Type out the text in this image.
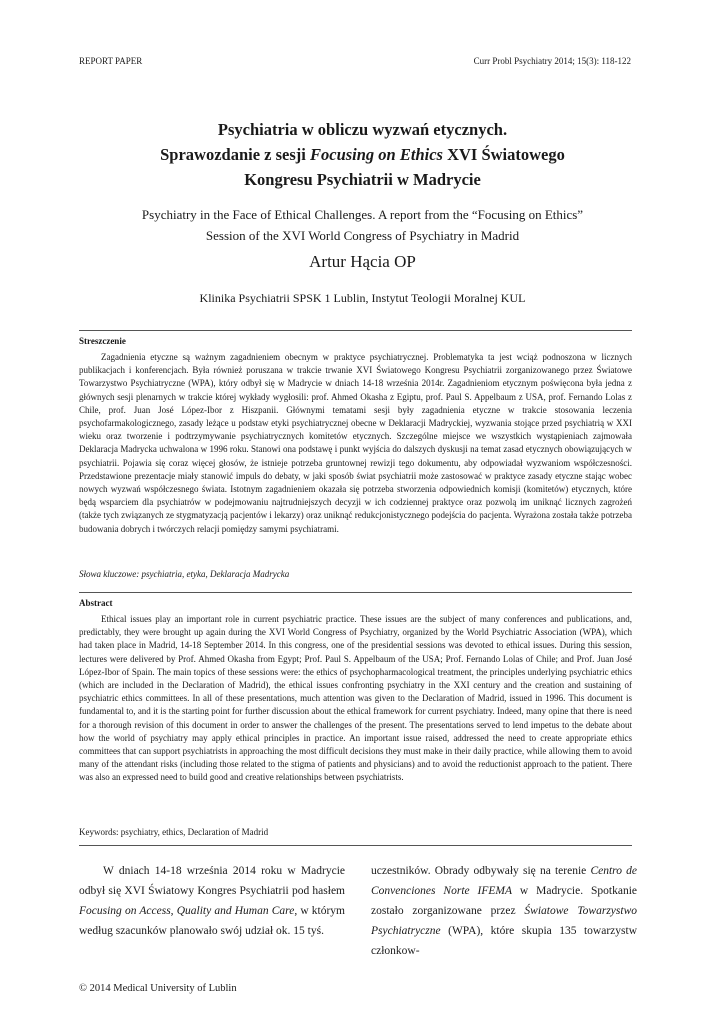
REPORT PAPER	Curr Probl Psychiatry 2014; 15(3): 118-122
Psychiatria w obliczu wyzwań etycznych.
Sprawozdanie z sesji Focusing on Ethics XVI Światowego
Kongresu Psychiatrii w Madrycie
Psychiatry in the Face of Ethical Challenges. A report from the “Focusing on Ethics”
Session of the XVI World Congress of Psychiatry in Madrid
Artur Hącia OP
Klinika Psychiatrii SPSK 1 Lublin, Instytut Teologii Moralnej KUL
Streszczenie
Zagadnienia etyczne są ważnym zagadnieniem obecnym w praktyce psychiatrycznej. Problematyka ta jest wciąż podnoszona w licznych publikacjach i konferencjach. Była również poruszana w trakcie trwanie XVI Światowego Kongresu Psychiatrii zorganizowanego przez Światowe Towarzystwo Psychiatryczne (WPA), który odbył się w Madrycie w dniach 14-18 września 2014r. Zagadnieniom etycznym poświęcona była jedna z głównych sesji plenarnych w trakcie której wykłady wygłosili: prof. Ahmed Okasha z Egiptu, prof. Paul S. Appelbaum z USA, prof. Fernando Lolas z Chile, prof. Juan José López-Ibor z Hiszpanii. Głównymi tematami sesji były zagadnienia etyczne w trakcie stosowania leczenia psychofarmakologicznego, zasady leżące u podstaw etyki psychiatrycznej obecne w Deklaracji Madryckiej, wyzwania stojące przed psychiatrią w XXI wieku oraz tworzenie i podtrzymywanie psychiatrycznych komitetów etycznych. Szczególne miejsce we wszystkich wystąpieniach zajmowała Deklaracja Madrycka uchwalona w 1996 roku. Stanowi ona podstawę i punkt wyjścia do dalszych dyskusji na temat zasad etycznych obowiązujących w psychiatrii. Pojawia się coraz więcej głosów, że istnieje potrzeba gruntownej rewizji tego dokumentu, aby odpowiadał wyzwaniom współczesności. Przedstawione prezentacje miały stanowić impuls do debaty, w jaki sposób świat psychiatrii może zastosować w praktyce zasady etyczne stając wobec nowych wyzwań współczesnego świata. Istotnym zagadnieniem okazała się potrzeba stworzenia odpowiednich komisji (komitetów) etycznych, które będą wsparciem dla psychiatrów w podejmowaniu najtrudniejszych decyzji w ich codziennej praktyce oraz pozwolą im uniknąć licznych zagrożeń (także tych związanych ze stygmatyzacją pacjentów i lekarzy) oraz uniknąć redukcjonistycznego podejścia do pacjenta. Wyrażona została także potrzeba budowania dobrych i twórczych relacji pomiędzy samymi psychiatrami.
Słowa kluczowe: psychiatria, etyka, Deklaracja Madrycka
Abstract
Ethical issues play an important role in current psychiatric practice. These issues are the subject of many conferences and publications, and, predictably, they were brought up again during the XVI World Congress of Psychiatry, organized by the World Psychiatric Association (WPA), which had taken place in Madrid, 14-18 September 2014. In this congress, one of the presidential sessions was devoted to ethical issues. During this session, lectures were delivered by Prof. Ahmed Okasha from Egypt; Prof. Paul S. Appelbaum of the USA; Prof. Fernando Lolas of Chile; and Prof. Juan José López-Ibor of Spain. The main topics of these sessions were: the ethics of psychopharmacological treatment, the principles underlying psychiatric ethics (which are included in the Declaration of Madrid), the ethical issues confronting psychiatry in the XXI century and the creation and sustaining of psychiatric ethics committees. In all of these presentations, much attention was given to the Declaration of Madrid, issued in 1996. This document is fundamental to, and it is the starting point for further discussion about the ethical framework for current psychiatry. Indeed, many opine that there is need for a thorough revision of this document in order to answer the challenges of the present. The presentations served to lend impetus to the debate about how the world of psychiatry may apply ethical principles in practice. An important issue raised, addressed the need to create appropriate ethics committees that can support psychiatrists in approaching the most difficult decisions they must make in their daily practice, while allowing them to avoid many of the attendant risks (including those related to the stigma of patients and physicians) and to avoid the reductionist approach to the patient. There was also an expressed need to build good and creative relationships between psychiatrists.
Keywords: psychiatry, ethics, Declaration of Madrid
W dniach 14-18 września 2014 roku w Madrycie odbył się XVI Światowy Kongres Psychiatrii pod hasłem Focusing on Access, Quality and Human Care, w którym według szacunków planowało swój udział ok. 15 tyś.
uczestników. Obrady odbywały się na terenie Centro de Convenciones Norte IFEMA w Madrycie. Spotkanie zostało zorganizowane przez Światowe Towarzystwo Psychiatryczne (WPA), które skupia 135 towarzystw członkow-
© 2014 Medical University of Lublin
